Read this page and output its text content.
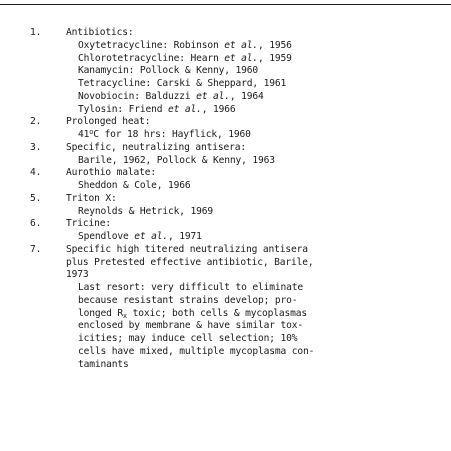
1.	Antibiotics:
Oxytetracycline: Robinson et al., 1956
Chlorotetracycline: Hearn et al., 1959
Kanamycin: Pollock & Kenny, 1960
Tetracycline: Carski & Sheppard, 1961
Novobiocin: Balduzzi et al., 1964
Tylosin: Friend et al., 1966
2.	Prolonged heat:
41$^o$C for 18 hrs: Hayflick, 1960
3.	Specific, neutralizing antisera:
Barile, 1962, Pollock & Kenny, 1963
4.	Aurothio malate:
Sheddon & Cole, 1966
5.	Triton X:
Reynolds & Hetrick, 1969
6.	Tricine:
Spendlove et al., 1971
7.	Specific high titered neutralizing antisera
plus Pretested effective antibiotic, Barile,
1973
Last resort: very difficult to eliminate
because resistant strains develop; pro-
longed $R_x$ toxic; both cells & mycoplasmas
enclosed by membrane & have similar tox-
icities; may induce cell selection; 10%
cells have mixed, multiple mycoplasma con-
taminants
